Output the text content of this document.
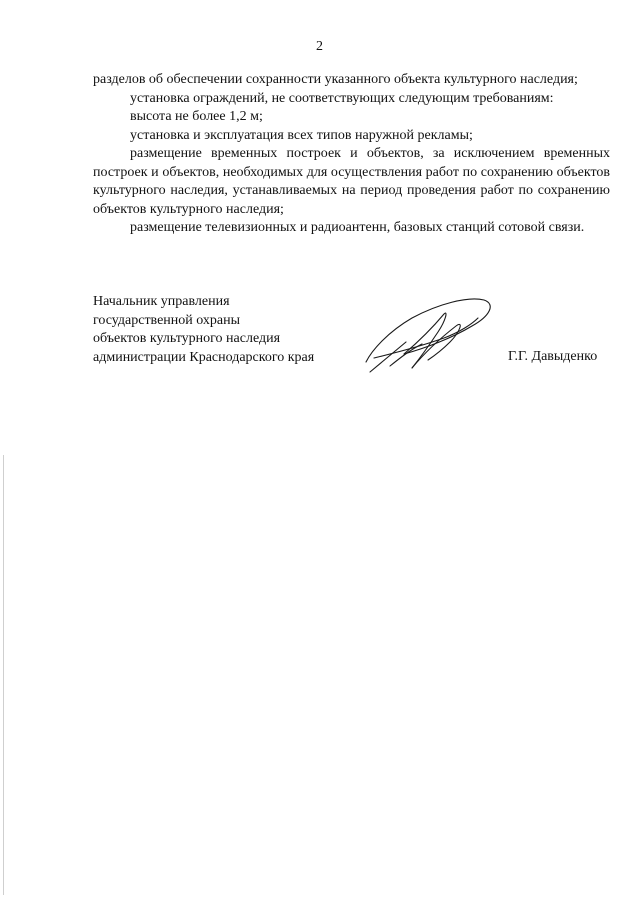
2

разделов об обеспечении сохранности указанного объекта культурного наследия;

установка ограждений, не соответствующих следующим требованиям:

высота не более 1,2 м;

установка и эксплуатация всех типов наружной рекламы;

размещение временных построек и объектов, за исключением временных построек и объектов, необходимых для осуществления работ по сохранению объектов культурного наследия, устанавливаемых на период проведения работ по сохранению объектов культурного наследия;

размещение телевизионных и радиоантенн, базовых станций сотовой связи.

Начальник управления

государственной охраны

объектов культурного наследия

администрации Краснодарского края	Г.Г. Давыденко
